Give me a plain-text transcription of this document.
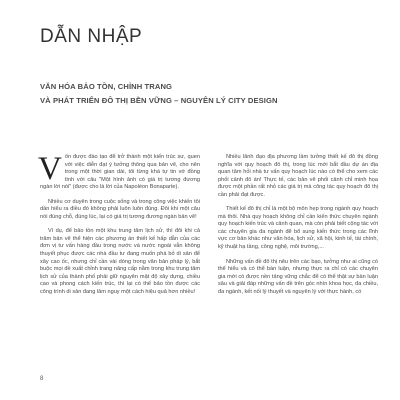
DẪN NHẬP
VĂN HÓA BẢO TỒN, CHỈNH TRANG
VÀ PHÁT TRIỂN ĐÔ THỊ BỀN VỮNG – NGUYÊN LÝ CITY DESIGN

Vốn được đào tạo để trở thành một kiến trúc sư, quen với việc diễn đạt ý tưởng thông qua bản vẽ, cho nên trong một thời gian dài, tôi từng khá tự tin vớ đồng tình với câu "Một hình ảnh có giá trị tương đương ngàn lời nói" (được cho là lời của Napoléon Bonaparte).

Nhiều cơ duyên trong cuộc sống và trong công việc khiến tôi dần hiểu ra điều đó không phải luôn luôn đúng. Đôi khi một câu nói đúng chỗ, đúng lúc, lại có giá trị tương đương ngàn bản vẽ!

Ví dụ, để bảo tồn một khu trung tâm lịch sử, thì đôi khi cả trăm bản vẽ thể hiện các phương án thiết kế hấp dẫn của các đơn vị tư vấn hàng đầu trong nước và nước ngoài vẫn không thuyết phục được các nhà đầu tư đang muốn phá bỏ di sản để xây cao ốc, nhưng chỉ cần vài dòng trong văn bản pháp lý, bắt buộc mọi đề xuất chỉnh trang nâng cấp nằm trong khu trung tâm lịch sử của thành phố phải giữ nguyên mật độ xây dựng, chiều cao và phong cách kiến trúc, thì lại có thể bảo tồn được các công trình di sản đang lâm nguy một cách hiệu quả hơn nhiều!

Nhiều lãnh đạo địa phương lầm tưởng thiết kế đô thị đồng nghĩa với quy hoạch đô thị, trong lúc mới bắt đầu dự án địa quan tâm hỏi nhà tư vấn quy hoạch lúc nào có thể cho xem các phối cảnh đô án! Thực tế, các bản vẽ phối cảnh chỉ minh họa được một phần rất nhỏ các giá trị mà công tác quy hoạch đô thị cần phải đạt được.

Thiết kế đô thị chỉ là một bộ môn hẹp trong ngành quy hoạch mà thôi. Nhà quy hoạch không chỉ cần kiến thức chuyên ngành quy hoạch kiến trúc và cảnh quan, mà còn phải biết cộng tác với các chuyên gia đa ngành để bổ sung kiến thức trong các lĩnh vực cơ bản khác như văn hóa, lịch sử, xã hội, kinh tế, tài chính, kỹ thuật hạ tầng, công nghệ, môi trường,...

Những vấn đề đô thị nêu trên các bạo, tưởng như ai cũng có thể hiểu và có thể bàn luận, nhưng thực ra chỉ có các chuyên gia mới có được nền tảng vững chắc để có thể thật sự bàn luận sâu và giải đáp những vấn đề trên góc nhìn khoa học, đa chiều, đa ngành, kết nối lý thuyết và nguyên lý với thực hành, có

8
